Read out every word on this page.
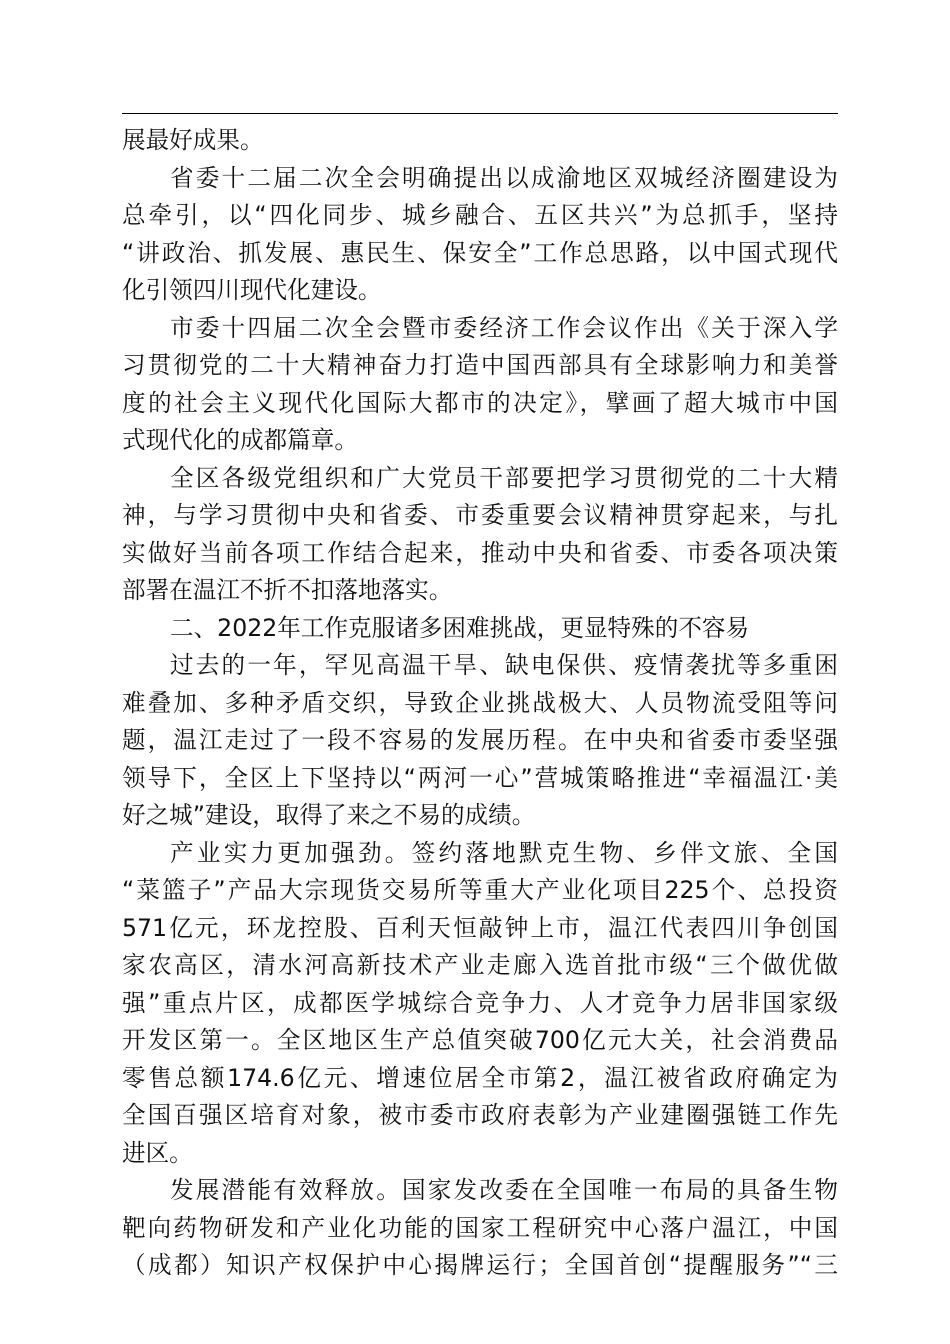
展最好成果。
省委十二届二次全会明确提出以成渝地区双城经济圈建设为
总牵引，以“四化同步、城乡融合、五区共兴”为总抓手，坚持
“讲政治、抓发展、惠民生、保安全”工作总思路，以中国式现代
化引领四川现代化建设。
市委十四届二次全会暨市委经济工作会议作出《关于深入学
习贯彻党的二十大精神奋力打造中国西部具有全球影响力和美誉
度的社会主义现代化国际大都市的决定》，擘画了超大城市中国
式现代化的成都篇章。
全区各级党组织和广大党员干部要把学习贯彻党的二十大精
神，与学习贯彻中央和省委、市委重要会议精神贯穿起来，与扎
实做好当前各项工作结合起来，推动中央和省委、市委各项决策
部署在温江不折不扣落地落实。
二、2022年工作克服诸多困难挑战，更显特殊的不容易
过去的一年，罕见高温干旱、缺电保供、疫情袭扰等多重困
难叠加、多种矛盾交织，导致企业挑战极大、人员物流受阻等问
题，温江走过了一段不容易的发展历程。在中央和省委市委坚强
领导下，全区上下坚持以“两河一心”营城策略推进“幸福温江·美
好之城”建设，取得了来之不易的成绩。
产业实力更加强劲。签约落地默克生物、乡伴文旅、全国
“菜篮子”产品大宗现货交易所等重大产业化项目225个、总投资
571亿元，环龙控股、百利天恒敲钟上市，温江代表四川争创国
家农高区，清水河高新技术产业走廊入选首批市级“三个做优做
强”重点片区，成都医学城综合竞争力、人才竞争力居非国家级
开发区第一。全区地区生产总值突破700亿元大关，社会消费品
零售总额174.6亿元、增速位居全市第2，温江被省政府确定为
全国百强区培育对象，被市委市政府表彰为产业建圈强链工作先
进区。
发展潜能有效释放。国家发改委在全国唯一布局的具备生物
靶向药物研发和产业化功能的国家工程研究中心落户温江，中国
（成都）知识产权保护中心揭牌运行；全国首创“提醒服务”“三
